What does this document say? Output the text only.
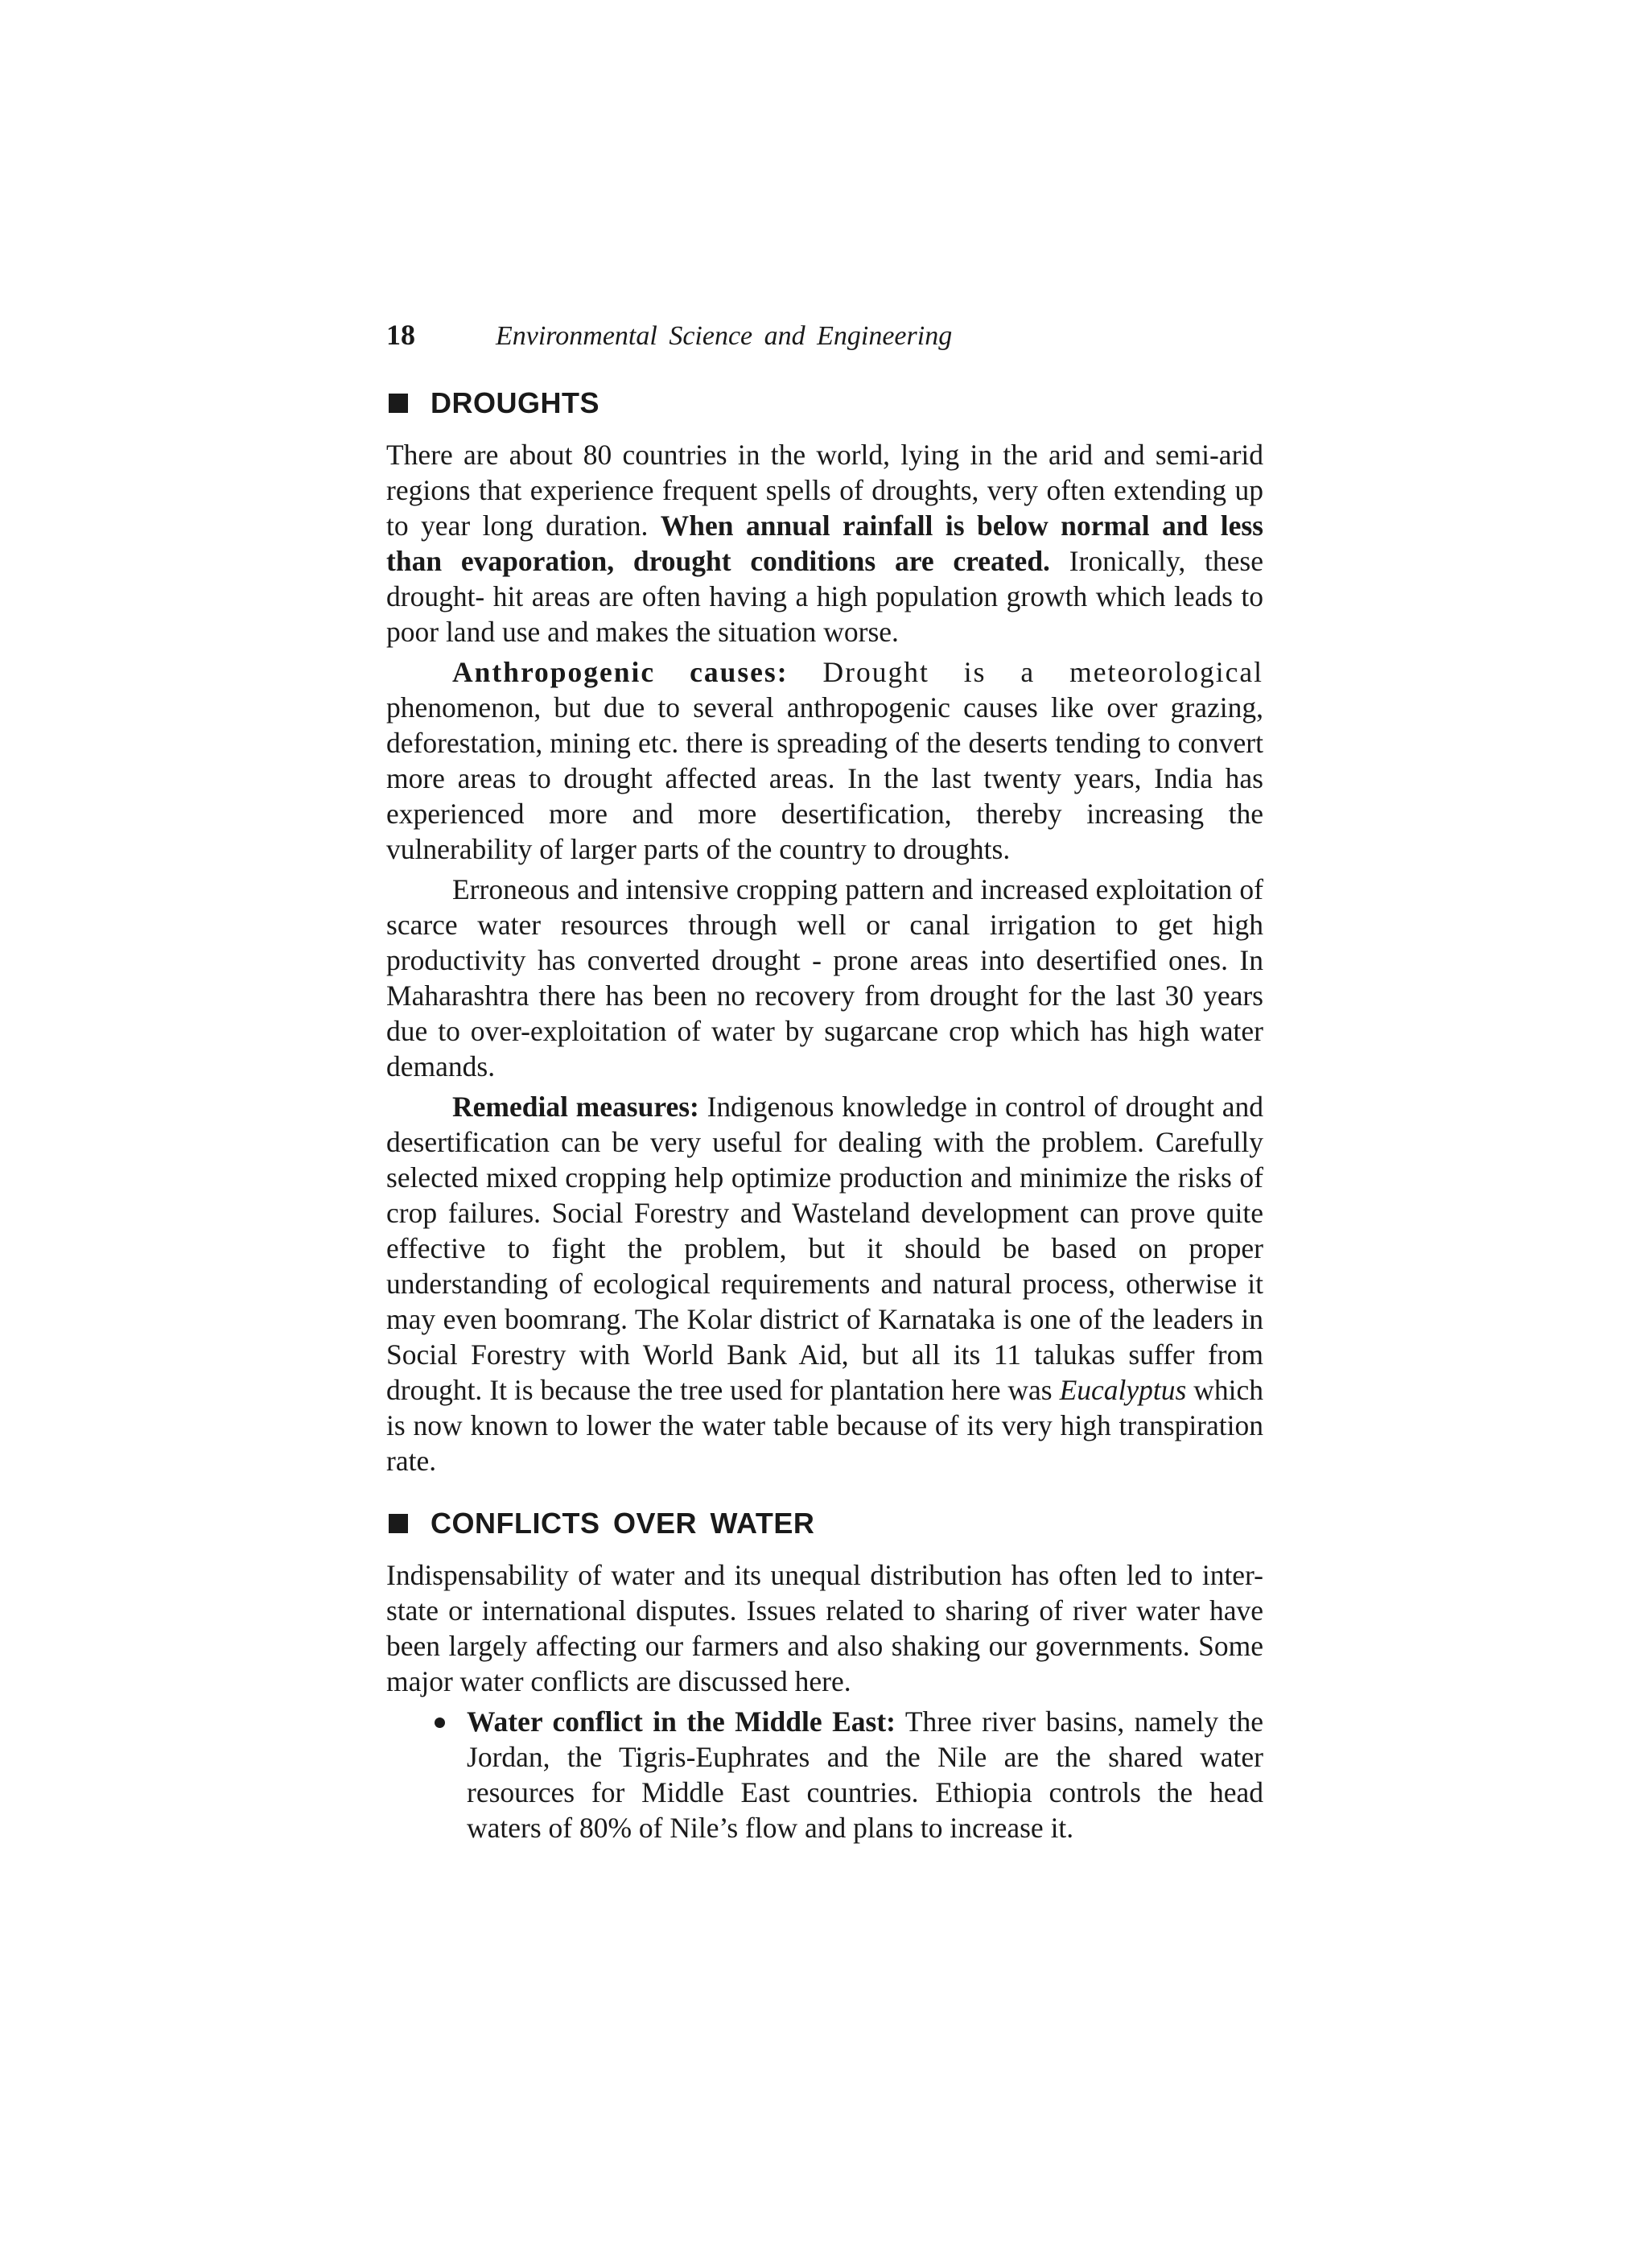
18	Environmental Science and Engineering
DROUGHTS

There are about 80 countries in the world, lying in the arid and semi-arid regions that experience frequent spells of droughts, very often extending up to year long duration. When annual rainfall is below normal and less than evaporation, drought conditions are created. Ironically, these drought- hit areas are often having a high population growth which leads to poor land use and makes the situation worse.

Anthropogenic causes: Drought is a meteorological phenomenon, but due to several anthropogenic causes like over grazing, deforestation, mining etc. there is spreading of the deserts tending to convert more areas to drought affected areas. In the last twenty years, India has experienced more and more desertification, thereby increasing the vulnerability of larger parts of the country to droughts.

Erroneous and intensive cropping pattern and increased exploitation of scarce water resources through well or canal irrigation to get high productivity has converted drought - prone areas into desertified ones. In Maharashtra there has been no recovery from drought for the last 30 years due to over-exploitation of water by sugarcane crop which has high water demands.

Remedial measures: Indigenous knowledge in control of drought and desertification can be very useful for dealing with the problem. Carefully selected mixed cropping help optimize production and minimize the risks of crop failures. Social Forestry and Wasteland development can prove quite effective to fight the problem, but it should be based on proper understanding of ecological requirements and natural process, otherwise it may even boomrang. The Kolar district of Karnataka is one of the leaders in Social Forestry with World Bank Aid, but all its 11 talukas suffer from drought. It is because the tree used for plantation here was Eucalyptus which is now known to lower the water table because of its very high transpiration rate.

CONFLICTS OVER WATER

Indispensability of water and its unequal distribution has often led to inter-state or international disputes. Issues related to sharing of river water have been largely affecting our farmers and also shaking our governments. Some major water conflicts are discussed here.

Water conflict in the Middle East: Three river basins, namely the Jordan, the Tigris-Euphrates and the Nile are the shared water resources for Middle East countries. Ethiopia controls the head waters of 80% of Nile’s flow and plans to increase it.
